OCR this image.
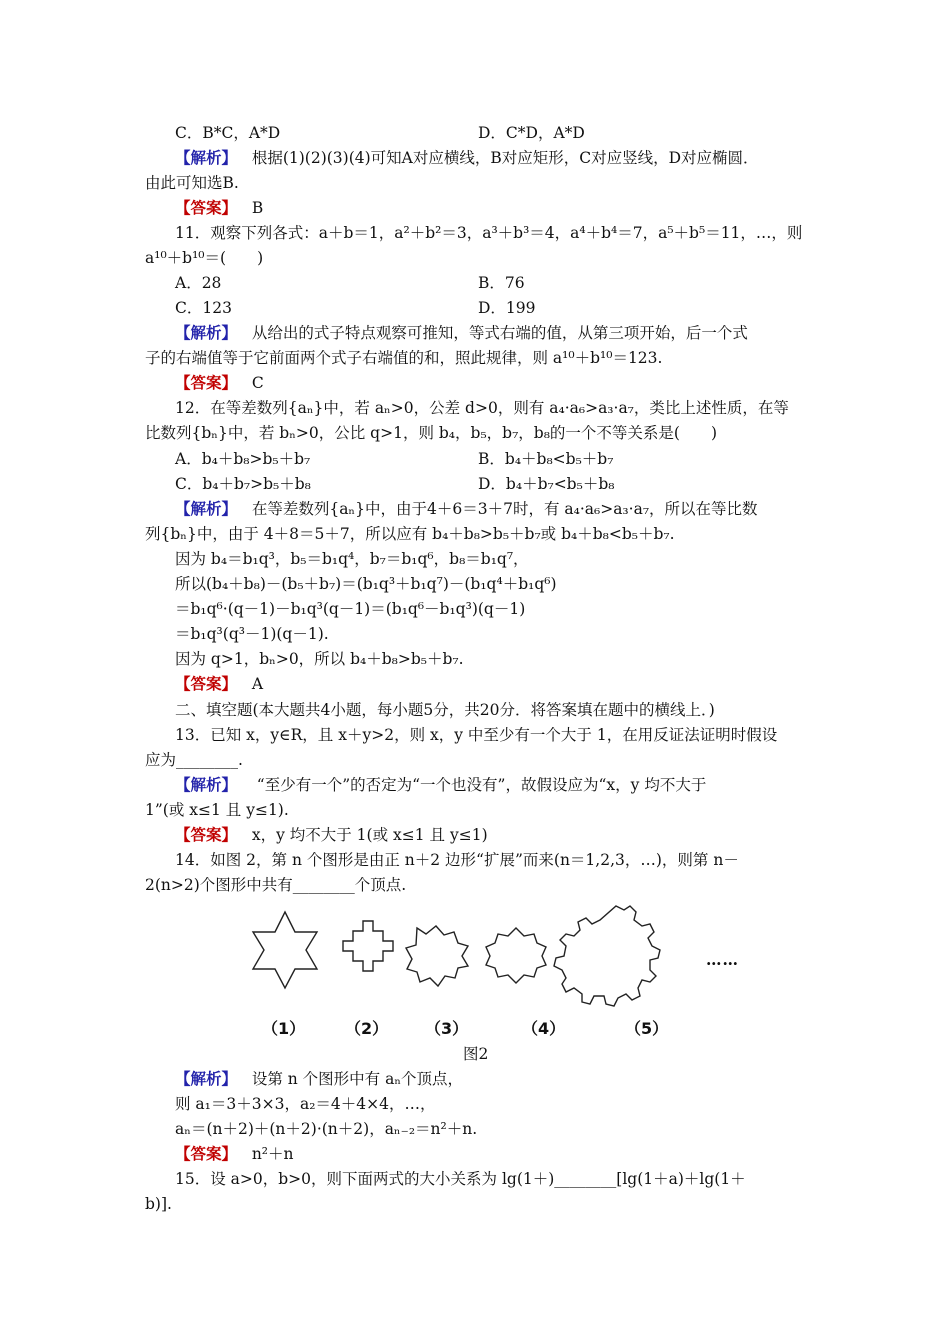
C．B*C，A*D	D．C*D，A*D
【 解析 】 根据(1)(2)(3)(4)可知A对应横线，B对应矩形，C对应竖线，D对应椭圆．
由此可知选B.
【 答案 】 B
11．观察下列各式：a＋b＝1，a²＋b²＝3，a³＋b³＝4，a⁴＋b⁴＝7，a⁵＋b⁵＝11，…，则
a¹⁰＋b¹⁰＝(　　)
A．28	B．76
C．123	D．199
【 解析 】 从给出的式子特点观察可推知，等式右端的值，从第三项开始，后一个式
子的右端值等于它前面两个式子右端值的和，照此规律，则 a¹⁰＋b¹⁰＝123.
【 答案 】 C
12．在等差数列{aₙ}中，若 aₙ>0，公差 d>0，则有 a₄·a₆>a₃·a₇，类比上述性质，在等
比数列{bₙ}中，若 bₙ>0，公比 q>1，则 b₄，b₅，b₇，b₈的一个不等关系是(　　)
A．b₄＋b₈>b₅＋b₇	B．b₄＋b₈<b₅＋b₇
C．b₄＋b₇>b₅＋b₈	D．b₄＋b₇<b₅＋b₈
【 解析 】 在等差数列{aₙ}中，由于4＋6＝3＋7时，有 a₄·a₆>a₃·a₇，所以在等比数
列{bₙ}中，由于 4＋8＝5＋7，所以应有 b₄＋b₈>b₅＋b₇或 b₄＋b₈<b₅＋b₇.
因为 b₄＝b₁q³，b₅＝b₁q⁴，b₇＝b₁q⁶，b₈＝b₁q⁷，
所以(b₄＋b₈)－(b₅＋b₇)＝(b₁q³＋b₁q⁷)－(b₁q⁴＋b₁q⁶)
＝b₁q⁶·(q－1)－b₁q³(q－1)＝(b₁q⁶－b₁q³)(q－1)
＝b₁q³(q³－1)(q－1).
因为 q>1，bₙ>0，所以 b₄＋b₈>b₅＋b₇.
【 答案 】 A
二、填空题(本大题共4小题，每小题5分，共20分．将答案填在题中的横线上．)
13．已知 x，y∈R，且 x＋y>2，则 x，y 中至少有一个大于 1，在用反证法证明时假设
应为________.
【 解析 】 “至少有一个”的否定为“一个也没有”，故假设应为“x，y 均不大于
1”(或 x≤1 且 y≤1).
【 答案 】 x，y 均不大于 1(或 x≤1 且 y≤1)
14．如图 2，第 n 个图形是由正 n＋2 边形“扩展”而来(n＝1,2,3，…)，则第 n－
2(n>2)个图形中共有________个顶点.
……
（1） （2） （3）	（4）	（5）
图2
【 解析 】 设第 n 个图形中有 aₙ个顶点，
则 a₁＝3＋3×3，a₂＝4＋4×4，…，
aₙ＝(n＋2)＋(n＋2)·(n＋2)，aₙ₋₂＝n²＋n.
【 答案 】 n²＋n
15．设 a>0，b>0，则下面两式的大小关系为 lg(1＋)________[lg(1＋a)＋lg(1＋
b)].
